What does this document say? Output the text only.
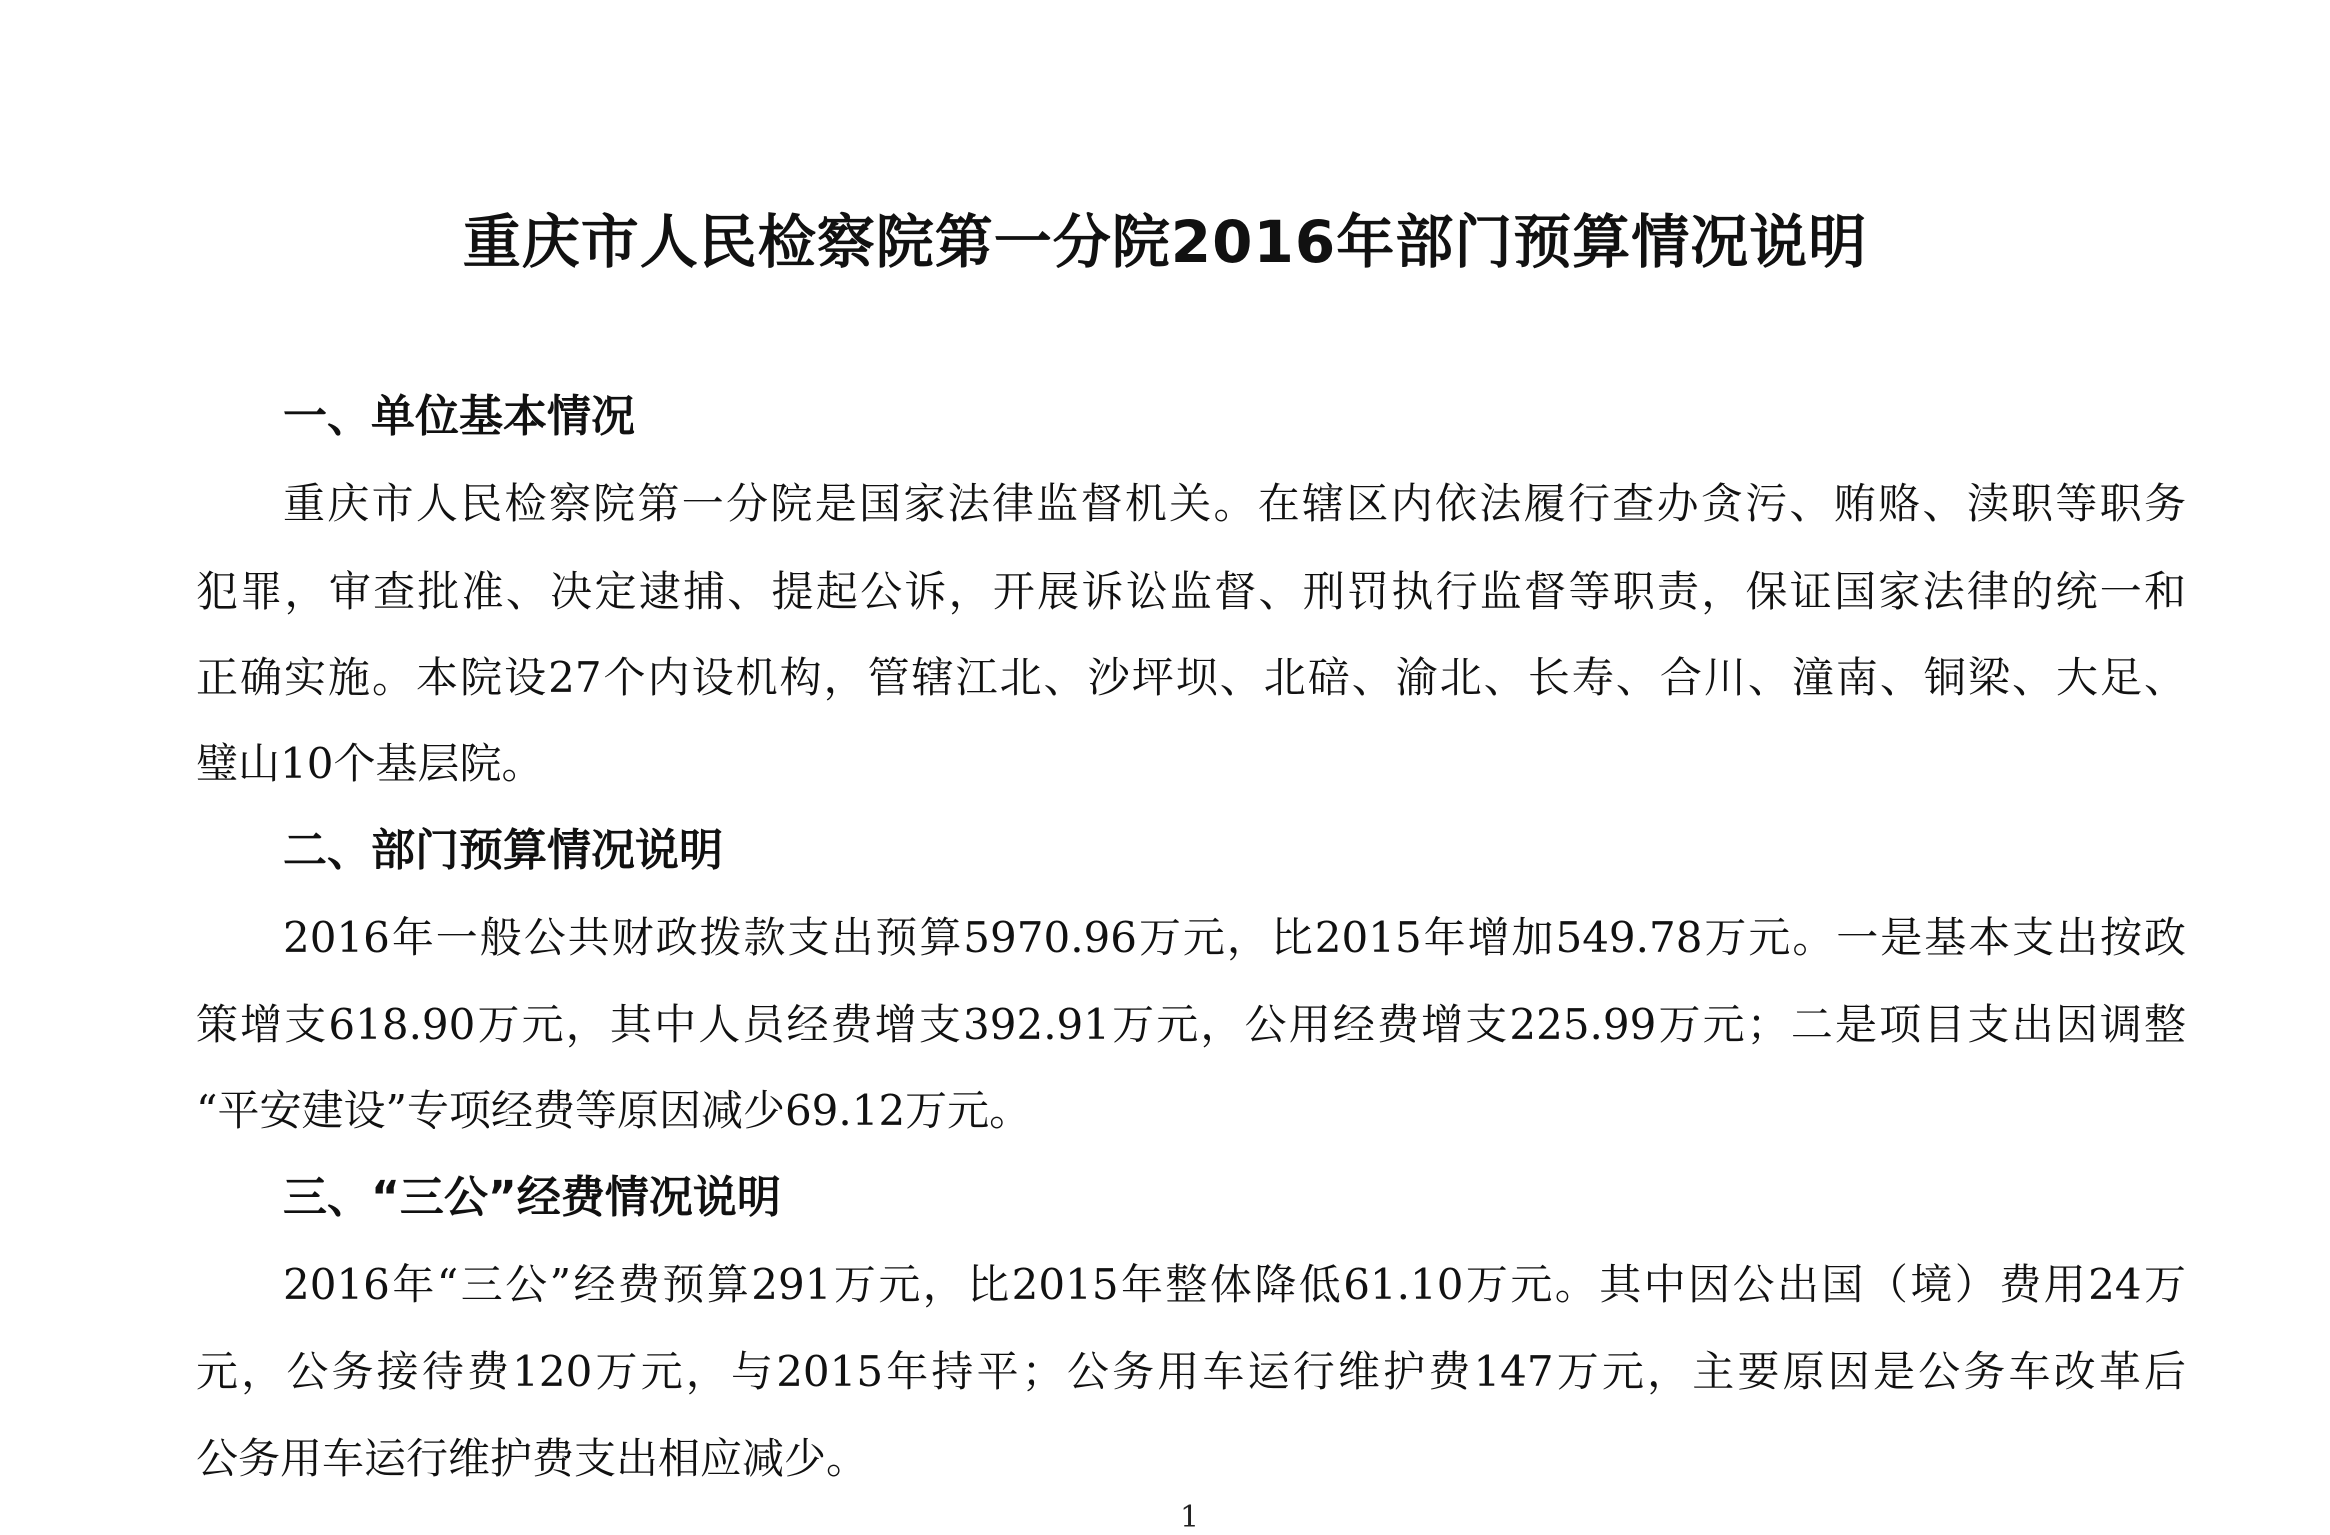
重庆市人民检察院第一分院2016年部门预算情况说明
一、单位基本情况
重庆市人民检察院第一分院是国家法律监督机关。在辖区内依法履行查办贪污、贿赂、渎职等职务
犯罪，审查批准、决定逮捕、提起公诉，开展诉讼监督、刑罚执行监督等职责，保证国家法律的统一和
正确实施。本院设27个内设机构，管辖江北、沙坪坝、北碚、渝北、长寿、合川、潼南、铜梁、大足、
璧山10个基层院。
二、部门预算情况说明
2016年一般公共财政拨款支出预算5970.96万元，比2015年增加549.78万元。一是基本支出按政
策增支618.90万元，其中人员经费增支392.91万元，公用经费增支225.99万元；二是项目支出因调整
“平安建设”专项经费等原因减少69.12万元。
三、“三公”经费情况说明
2016年“三公”经费预算291万元，比2015年整体降低61.10万元。其中因公出国（境）费用24万
元，公务接待费120万元，与2015年持平；公务用车运行维护费147万元，主要原因是公务车改革后
公务用车运行维护费支出相应减少。
1
